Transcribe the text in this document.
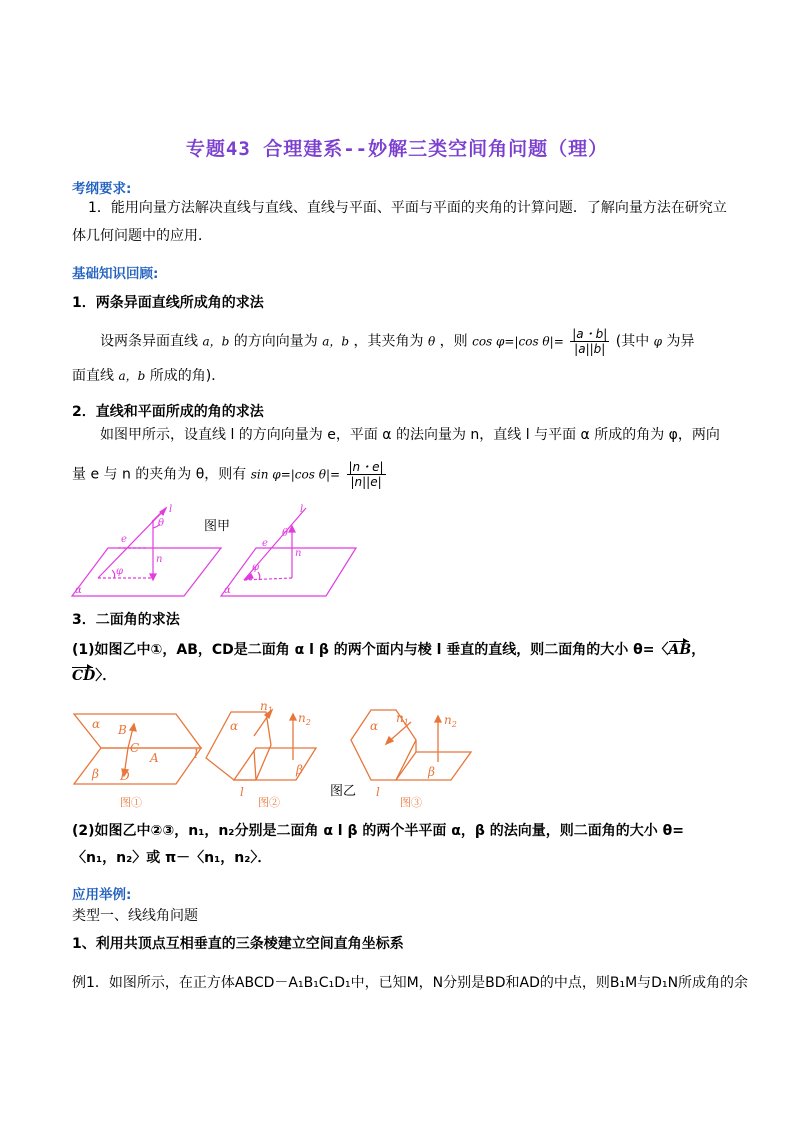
专题43 合理建系--妙解三类空间角问题（理）
考纲要求:
1．能用向量方法解决直线与直线、直线与平面、平面与平面的夹角的计算问题．了解向量方法在研究立
体几何问题中的应用．
基础知识回顾:
1．两条异面直线所成角的求法
设两条异面直线 a，b 的方向向量为 a，b ，其夹角为 θ ，则 cos φ=|cos $\theta|= \frac{|a・b|}{|a||b|}$ (其中 φ 为异
面直线 a，b 所成的角)．
2．直线和平面所成的角的求法
如图甲所示，设直线 l 的方向向量为 e，平面 α 的法向量为 n，直线 l 与平面 α 所成的角为 φ，两向
量 e 与 n 的夹角为 θ，则有 sin φ=|cos $\theta|= \frac{|n・e|}{|n||e|}$
l
e
θ
n
φ
α
l
e
θ
n
φ
α
图甲
3．二面角的求法
(1)如图乙中①，AB，CD是二面角 α l β 的两个面内与棱 l 垂直的直线，则二面角的大小 θ=〈AB，
CD〉．
α B
C
A
β D
l
α
$n_1$
$n_2$
β
l
α
$n_1$	$n_2$
β
l
图①	图②	图③
图乙
(2)如图乙中②③，n₁，n₂分别是二面角 α l β 的两个半平面 α，β 的法向量，则二面角的大小 θ=
〈n₁，n₂〉或 π－〈n₁，n₂〉．
应用举例:
类型一、线线角问题
1、利用共顶点互相垂直的三条棱建立空间直角坐标系
例1．如图所示，在正方体ABCD－A₁B₁C₁D₁中，已知M，N分别是BD和AD的中点，则B₁M与D₁N所成角的余
